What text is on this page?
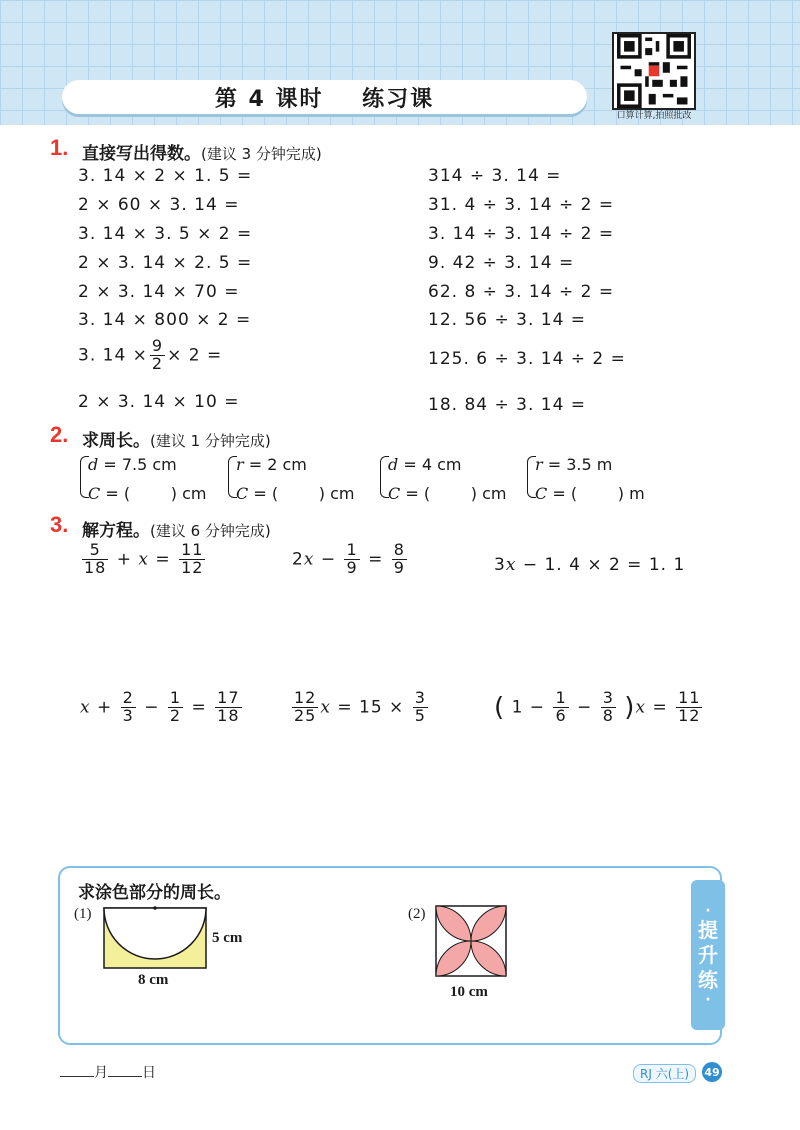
第 4 课时
练习课
口算计算,拍照批改
1. 直接写出得数。(建议 3 分钟完成)
3. 14 × 2 × 1. 5 =
2 × 60 × 3. 14 =
3. 14 × 3. 5 × 2 =
2 × 3. 14 × 2. 5 =
2 × 3. 14 × 70 =
3. 14 × 800 × 2 =
3. $14 \times \frac{9}{2} \times 2$ =
2 × 3. 14 × 10 =
314 ÷ 3. 14 =
31. 4 ÷ 3. 14 ÷ 2 =
3. 14 ÷ 3. 14 ÷ 2 =
9. 42 ÷ 3. 14 =
62. 8 ÷ 3. 14 ÷ 2 =
12. 56 ÷ 3. 14 =
125. 6 ÷ 3. 14 ÷ 2 =
18. 84 ÷ 3. 14 =
2. 求周长。(建议 1 分钟完成)
d = 7.5 cm
C = (        ) cm
r = 2 cm
C = (        ) cm
d = 4 cm
C = (        ) cm
r = 3.5 m
C = (        ) m
3. 解方程。(建议 6 分钟完成)
$\frac{5}{18} + x = \frac{11}{12}$	$2x - \frac{1}{9} = \frac{8}{9}$	3x − 1. 4 × 2 = 1. 1
$x + \frac{2}{3} - \frac{1}{2} = \frac{17}{18}$	$\frac{12}{25}$ $x = 15 \times \frac{3}{5}$	( $1 - \frac{1}{6} - \frac{3}{8} )x = \frac{11}{12}$
求涂色部分的周长。
(1)
5 cm
8 cm
(2)
10 cm
·
提
升
练
·
月 日	RJ 六(上)	49
